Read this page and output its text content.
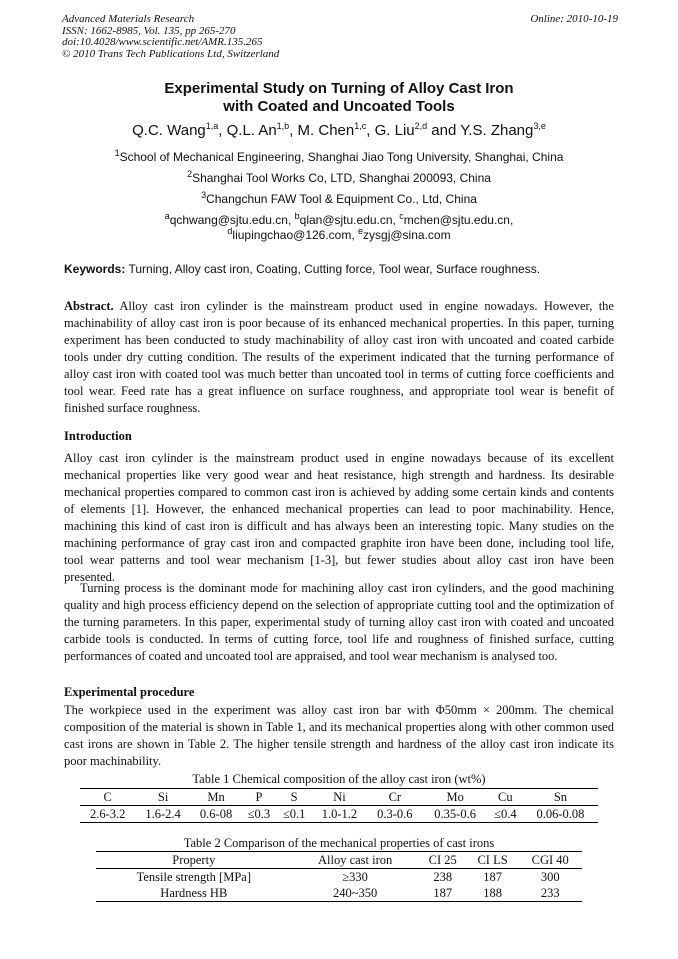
Advanced Materials Research
ISSN: 1662-8985, Vol. 135, pp 265-270
doi:10.4028/www.scientific.net/AMR.135.265
© 2010 Trans Tech Publications Ltd, Switzerland
Online: 2010-10-19
Experimental Study on Turning of Alloy Cast Iron
with Coated and Uncoated Tools
Q.C. Wang$^{1,a}$, Q.L. An$^{1,b}$, M. Chen$^{1,c}$, G. Liu$^{2,d}$ and Y.S. Zhang$^{3,e}$
$^1$School of Mechanical Engineering, Shanghai Jiao Tong University, Shanghai, China
$^2$Shanghai Tool Works Co, LTD, Shanghai 200093, China
$^3$Changchun FAW Tool & Equipment Co., Ltd, China
$^a$qchwang@sjtu.edu.cn, $^b$qlan@sjtu.edu.cn, $^c$mchen@sjtu.edu.cn,
$^d$liupingchao@126.com, $^e$zysgj@sina.com
Keywords: Turning, Alloy cast iron, Coating, Cutting force, Tool wear, Surface roughness.
Abstract. Alloy cast iron cylinder is the mainstream product used in engine nowadays. However, the machinability of alloy cast iron is poor because of its enhanced mechanical properties. In this paper, turning experiment has been conducted to study machinability of alloy cast iron with uncoated and coated carbide tools under dry cutting condition. The results of the experiment indicated that the turning performance of alloy cast iron with coated tool was much better than uncoated tool in terms of cutting force coefficients and tool wear. Feed rate has a great influence on surface roughness, and appropriate tool wear is benefit of finished surface roughness.
Introduction
Alloy cast iron cylinder is the mainstream product used in engine nowadays because of its excellent mechanical properties like very good wear and heat resistance, high strength and hardness. Its desirable mechanical properties compared to common cast iron is achieved by adding some certain kinds and contents of elements [1]. However, the enhanced mechanical properties can lead to poor machinability. Hence, machining this kind of cast iron is difficult and has always been an interesting topic. Many studies on the machining performance of gray cast iron and compacted graphite iron have been done, including tool life, tool wear patterns and tool wear mechanism [1-3], but fewer studies about alloy cast iron have been presented.
Turning process is the dominant mode for machining alloy cast iron cylinders, and the good machining quality and high process efficiency depend on the selection of appropriate cutting tool and the optimization of the turning parameters. In this paper, experimental study of turning alloy cast iron with coated and uncoated carbide tools is conducted. In terms of cutting force, tool life and roughness of finished surface, cutting performances of coated and uncoated tool are appraised, and tool wear mechanism is analysed too.
Experimental procedure
The workpiece used in the experiment was alloy cast iron bar with Φ50mm × 200mm. The chemical composition of the material is shown in Table 1, and its mechanical properties along with other common used cast irons are shown in Table 2. The higher tensile strength and hardness of the alloy cast iron indicate its poor machinability.
Table 1 Chemical composition of the alloy cast iron (wt%)
C	Si	Mn	P	S	Ni	Cr	Mo	Cu	Sn
2.6-3.2	1.6-2.4	0.6-08	≤0.3	≤0.1	1.0-1.2	0.3-0.6	0.35-0.6	≤0.4	0.06-0.08
Table 2 Comparison of the mechanical properties of cast irons
Property	Alloy cast iron	CI 25	CI LS	CGI 40
Tensile strength [MPa]	≥330	238	187	300
Hardness HB	240~350	187	188	233
